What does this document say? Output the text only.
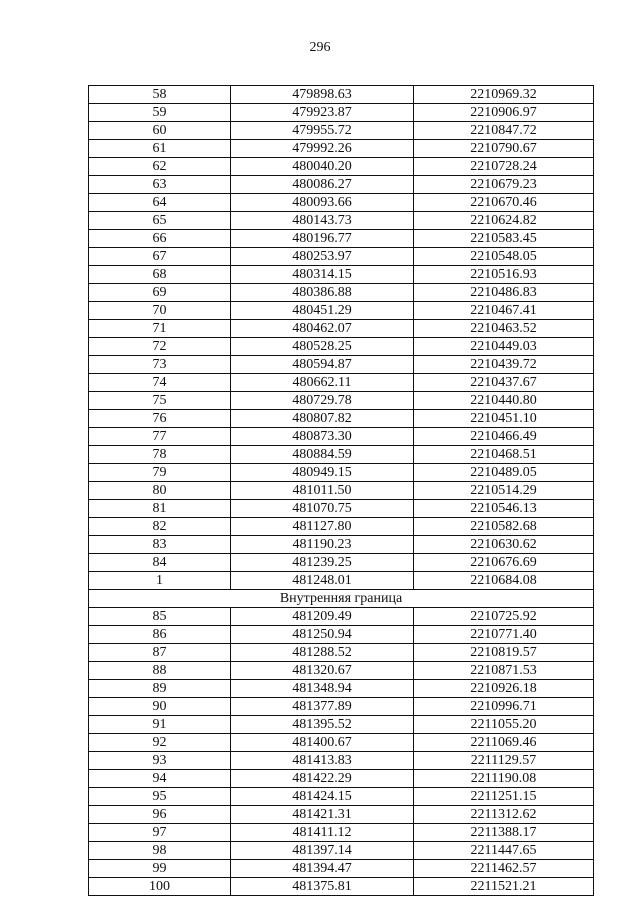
296
58	479898.63	2210969.32
59	479923.87	2210906.97
60	479955.72	2210847.72
61	479992.26	2210790.67
62	480040.20	2210728.24
63	480086.27	2210679.23
64	480093.66	2210670.46
65	480143.73	2210624.82
66	480196.77	2210583.45
67	480253.97	2210548.05
68	480314.15	2210516.93
69	480386.88	2210486.83
70	480451.29	2210467.41
71	480462.07	2210463.52
72	480528.25	2210449.03
73	480594.87	2210439.72
74	480662.11	2210437.67
75	480729.78	2210440.80
76	480807.82	2210451.10
77	480873.30	2210466.49
78	480884.59	2210468.51
79	480949.15	2210489.05
80	481011.50	2210514.29
81	481070.75	2210546.13
82	481127.80	2210582.68
83	481190.23	2210630.62
84	481239.25	2210676.69
1	481248.01	2210684.08
Внутренняя граница		
85	481209.49	2210725.92
86	481250.94	2210771.40
87	481288.52	2210819.57
88	481320.67	2210871.53
89	481348.94	2210926.18
90	481377.89	2210996.71
91	481395.52	2211055.20
92	481400.67	2211069.46
93	481413.83	2211129.57
94	481422.29	2211190.08
95	481424.15	2211251.15
96	481421.31	2211312.62
97	481411.12	2211388.17
98	481397.14	2211447.65
99	481394.47	2211462.57
100	481375.81	2211521.21
